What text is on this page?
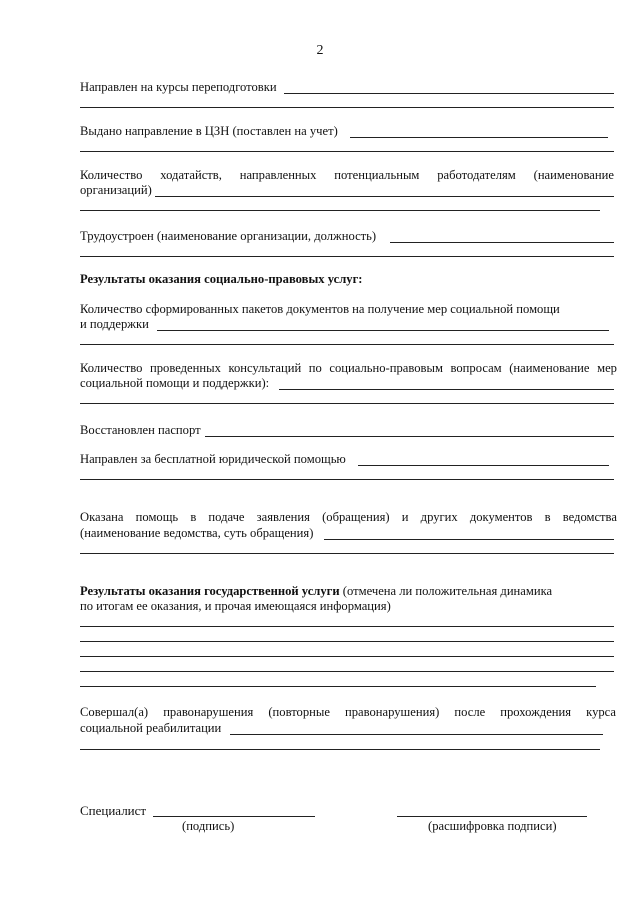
2
Направлен на курсы переподготовки
Выдано направление в ЦЗН (поставлен на учет)
Количество ходатайств, направленных потенциальным работодателям (наименование
организаций)
Трудоустроен (наименование организации, должность)
Результаты оказания социально-правовых услуг:
Количество сформированных пакетов документов на получение мер социальной помощи
и поддержки
Количество проведенных консультаций по социально-правовым вопросам (наименование мер
социальной помощи и поддержки):
Восстановлен паспорт
Направлен за бесплатной юридической помощью
Оказана помощь в подаче заявления (обращения) и других документов в ведомства
(наименование ведомства, суть обращения)
Результаты оказания государственной услуги (отмечена ли положительная динамика
по итогам ее оказания, и прочая имеющаяся информация)
Совершал(а) правонарушения (повторные правонарушения) после прохождения курса
социальной реабилитации
Специалист
(подпись)	(расшифровка подписи)
